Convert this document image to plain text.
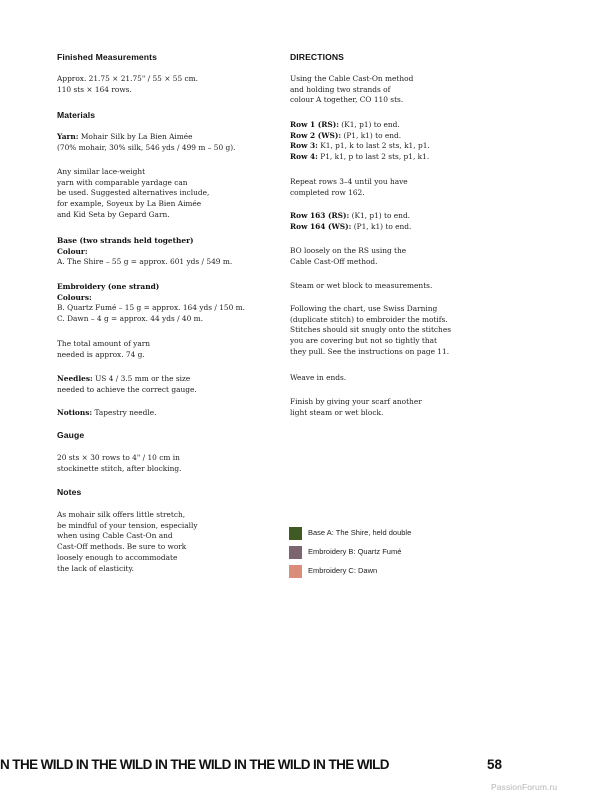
Finished Measurements

Approx. 21.75 × 21.75" / 55 × 55 cm.
110 sts × 164 rows.

Materials

Yarn: Mohair Silk by La Bien Aimée
(70% mohair, 30% silk, 546 yds / 499 m – 50 g).

Any similar lace-weight
yarn with comparable yardage can
be used. Suggested alternatives include,
for example, Soyeux by La Bien Aimée
and Kid Seta by Gepard Garn.

Base (two strands held together)
Colour:
A. The Shire – 55 g = approx. 601 yds / 549 m.

Embroidery (one strand)
Colours:
B. Quartz Fumé – 15 g = approx. 164 yds / 150 m.
C. Dawn – 4 g = approx. 44 yds / 40 m.

The total amount of yarn
needed is approx. 74 g.

Needles: US 4 / 3.5 mm or the size
needed to achieve the correct gauge.

Notions: Tapestry needle.

Gauge

20 sts × 30 rows to 4" / 10 cm in
stockinette stitch, after blocking.

Notes

As mohair silk offers little stretch,
be mindful of your tension, especially
when using Cable Cast-On and
Cast-Off methods. Be sure to work
loosely enough to accommodate
the lack of elasticity.

DIRECTIONS

Using the Cable Cast-On method
and holding two strands of
colour A together, CO 110 sts.

Row 1 (RS): (K1, p1) to end.
Row 2 (WS): (P1, k1) to end.
Row 3: K1, p1, k to last 2 sts, k1, p1.
Row 4: P1, k1, p to last 2 sts, p1, k1.

Repeat rows 3–4 until you have
completed row 162.

Row 163 (RS): (K1, p1) to end.
Row 164 (WS): (P1, k1) to end.

BO loosely on the RS using the
Cable Cast-Off method.

Steam or wet block to measurements.

Following the chart, use Swiss Darning
(duplicate stitch) to embroider the motifs.
Stitches should sit snugly onto the stitches
you are covering but not so tightly that
they pull. See the instructions on page 11.

Weave in ends.

Finish by giving your scarf another
light steam or wet block.

Base A: The Shire, held double
Embroidery B: Quartz Fumé
Embroidery C: Dawn
N THE WILD IN THE WILD IN THE WILD IN THE WILD IN THE WILD	58
PassionForum.ru
